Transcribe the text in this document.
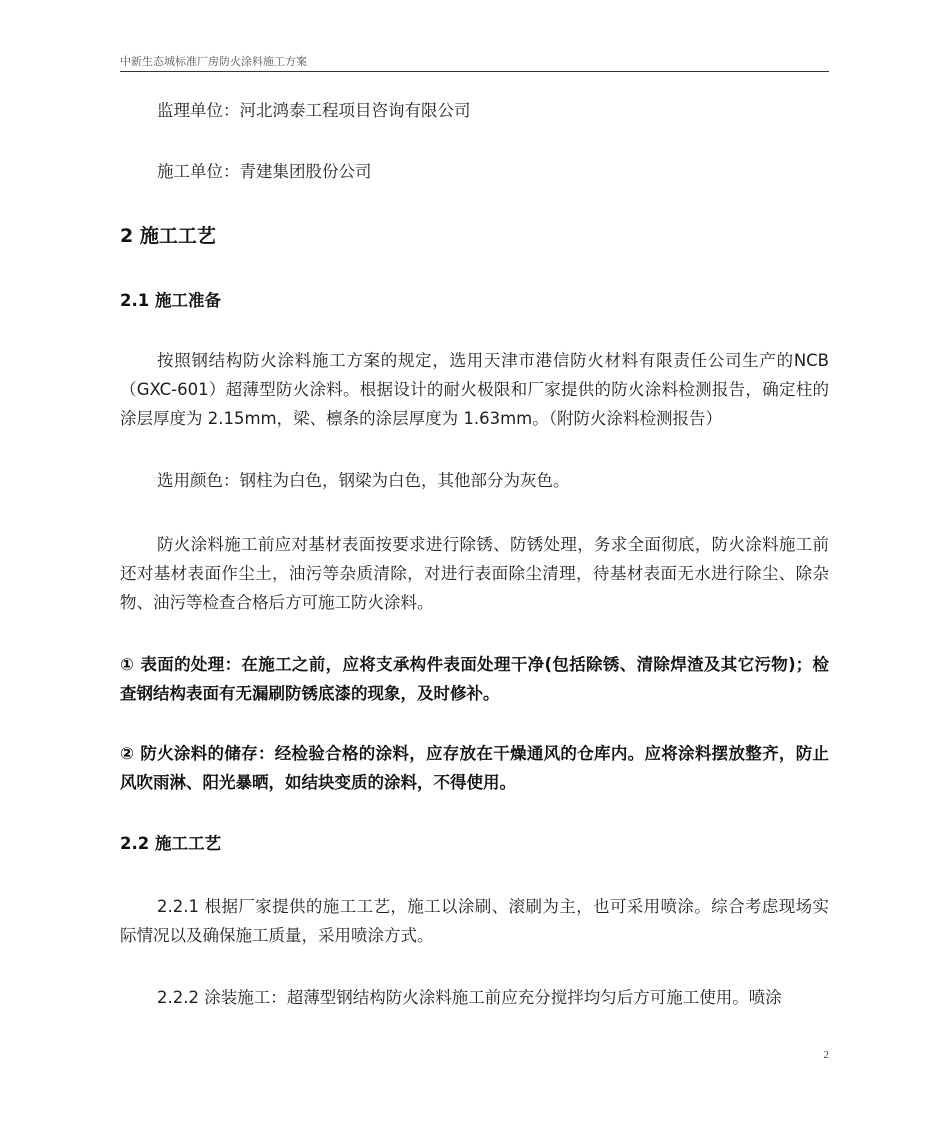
中新生态城标准厂房防火涂料施工方案

监理单位：河北鸿泰工程项目咨询有限公司

施工单位：青建集团股份公司

2 施工工艺

2.1 施工准备

按照钢结构防火涂料施工方案的规定，选用天津市港信防火材料有限责任公司生产的NCB（GXC-601）超薄型防火涂料。根据设计的耐火极限和厂家提供的防火涂料检测报告，确定柱的涂层厚度为 2.15mm，梁、檩条的涂层厚度为 1.63mm。（附防火涂料检测报告）

选用颜色：钢柱为白色，钢梁为白色，其他部分为灰色。

防火涂料施工前应对基材表面按要求进行除锈、防锈处理，务求全面彻底，防火涂料施工前还对基材表面作尘土，油污等杂质清除，对进行表面除尘清理，待基材表面无水进行除尘、除杂物、油污等检查合格后方可施工防火涂料。

① 表面的处理：在施工之前，应将支承构件表面处理干净(包括除锈、清除焊渣及其它污物)；检查钢结构表面有无漏刷防锈底漆的现象，及时修补。

② 防火涂料的储存：经检验合格的涂料，应存放在干燥通风的仓库内。应将涂料摆放整齐，防止风吹雨淋、阳光暴晒，如结块变质的涂料，不得使用。

2.2 施工工艺

2.2.1 根据厂家提供的施工工艺，施工以涂刷、滚刷为主，也可采用喷涂。综合考虑现场实际情况以及确保施工质量，采用喷涂方式。

2.2.2 涂装施工：超薄型钢结构防火涂料施工前应充分搅拌均匀后方可施工使用。喷涂

2
